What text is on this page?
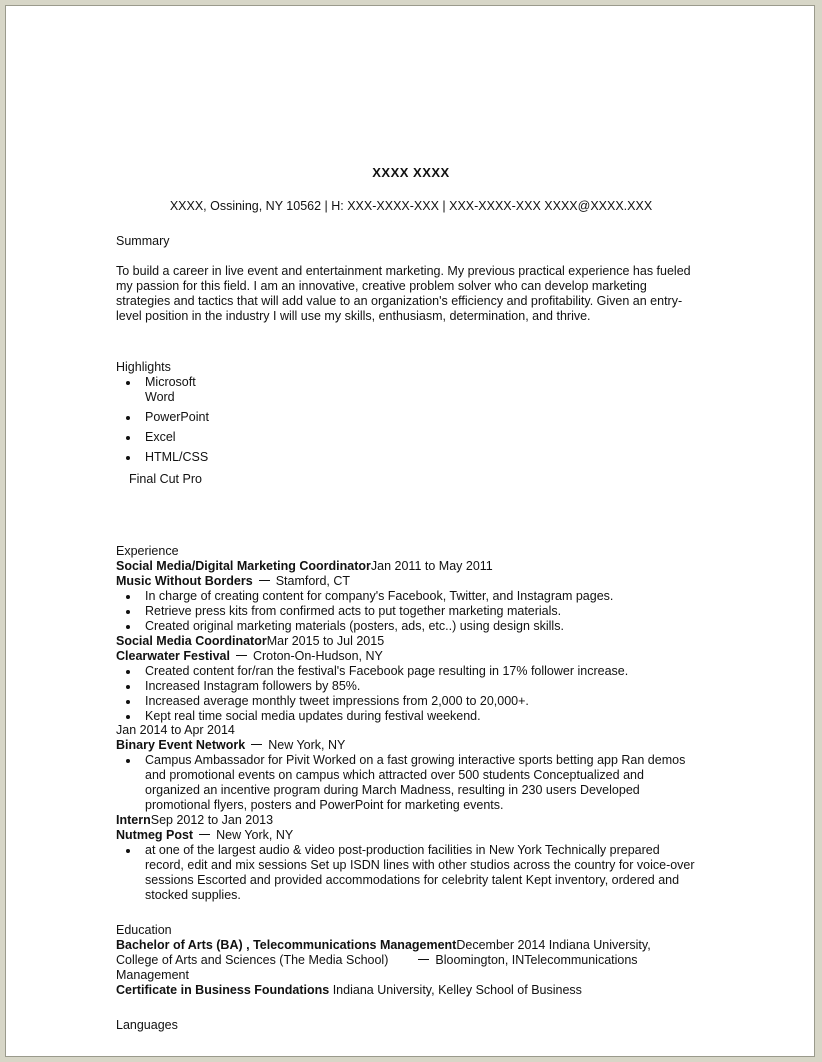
XXXX XXXX
XXXX, Ossining, NY 10562 | H: XXX-XXXX-XXX | XXX-XXXX-XXX XXXX@XXXX.XXX
Summary

To build a career in live event and entertainment marketing. My previous practical experience has fueled my passion for this field. I am an innovative, creative problem solver who can develop marketing strategies and tactics that will add value to an organization's efficiency and profitability. Given an entry-level position in the industry I will use my skills, enthusiasm, determination, and thrive.

Highlights
Microsoft Word
PowerPoint
Excel
HTML/CSS
Final Cut Pro
Experience
Social Media/Digital Marketing CoordinatorJan 2011 to May 2011
Music Without Borders Stamford, CT
In charge of creating content for company's Facebook, Twitter, and Instagram pages.
Retrieve press kits from confirmed acts to put together marketing materials.
Created original marketing materials (posters, ads, etc..) using design skills.
Social Media CoordinatorMar 2015 to Jul 2015
Clearwater Festival Croton-On-Hudson, NY
Created content for/ran the festival's Facebook page resulting in 17% follower increase.
Increased Instagram followers by 85%.
Increased average monthly tweet impressions from 2,000 to 20,000+.
Kept real time social media updates during festival weekend.
Jan 2014 to Apr 2014
Binary Event Network New York, NY
Campus Ambassador for Pivit Worked on a fast growing interactive sports betting app Ran demos and promotional events on campus which attracted over 500 students Conceptualized and organized an incentive program during March Madness, resulting in 230 users Developed promotional flyers, posters and PowerPoint for marketing events.
InternSep 2012 to Jan 2013
Nutmeg Post New York, NY
at one of the largest audio & video post-production facilities in New York Technically prepared record, edit and mix sessions Set up ISDN lines with other studios across the country for voice-over sessions Escorted and provided accommodations for celebrity talent Kept inventory, ordered and stocked supplies.
Education
Bachelor of Arts (BA) , Telecommunications ManagementDecember 2014 Indiana University,
College of Arts and Sciences (The Media School)	Bloomington, INTelecommunications
Management
Certificate in Business Foundations Indiana University, Kelley School of Business
Languages
